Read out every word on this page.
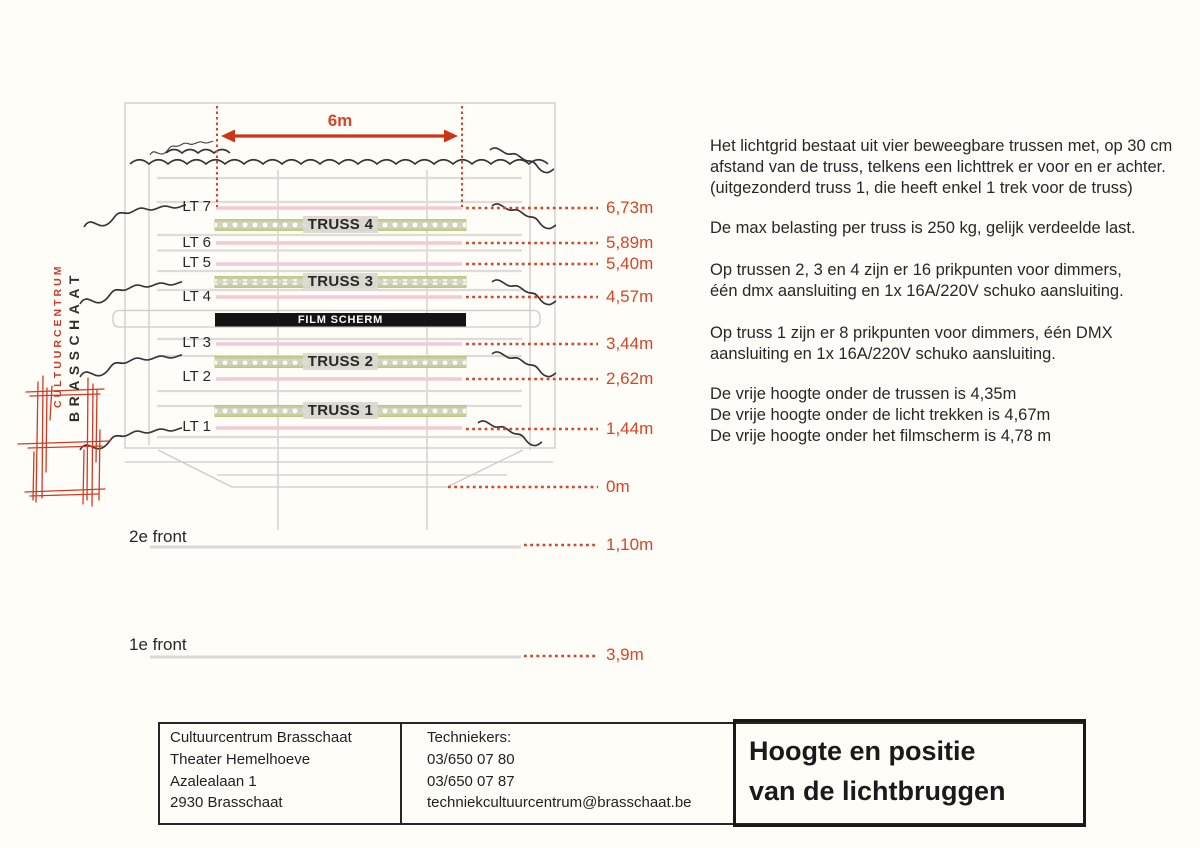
CULTUURCENTRUM BRASSCHAAT
6m
LT 7
LT 6
LT 5
LT 4
LT 3
LT 2
LT 1
TRUSS 4
TRUSS 3
TRUSS 2
TRUSS 1
FILM SCHERM
6,73m
5,89m
5,40m
4,57m
3,44m
2,62m
1,44m
0m
2e front	1,10m
1e front
3,9m
Het lichtgrid bestaat uit vier beweegbare trussen met, op 30 cm
afstand van de truss, telkens een lichttrek er voor en er achter.
(uitgezonderd truss 1, die heeft enkel 1 trek voor de truss)
De max belasting per truss is 250 kg, gelijk verdeelde last.
Op trussen 2, 3 en 4 zijn er 16 prikpunten voor dimmers,
één dmx aansluiting en 1x 16A/220V schuko aansluiting.
Op truss 1 zijn er 8 prikpunten voor dimmers, één DMX
aansluiting en 1x 16A/220V schuko aansluiting.
De vrije hoogte onder de trussen is 4,35m
De vrije hoogte onder de licht trekken is 4,67m
De vrije hoogte onder het filmscherm is 4,78 m
Cultuurcentrum Brasschaat
Theater Hemelhoeve
Azalealaan 1
2930 Brasschaat
Techniekers:
03/650 07 80
03/650 07 87
techniekcultuurcentrum@brasschaat.be
Hoogte en positie
van de lichtbruggen
